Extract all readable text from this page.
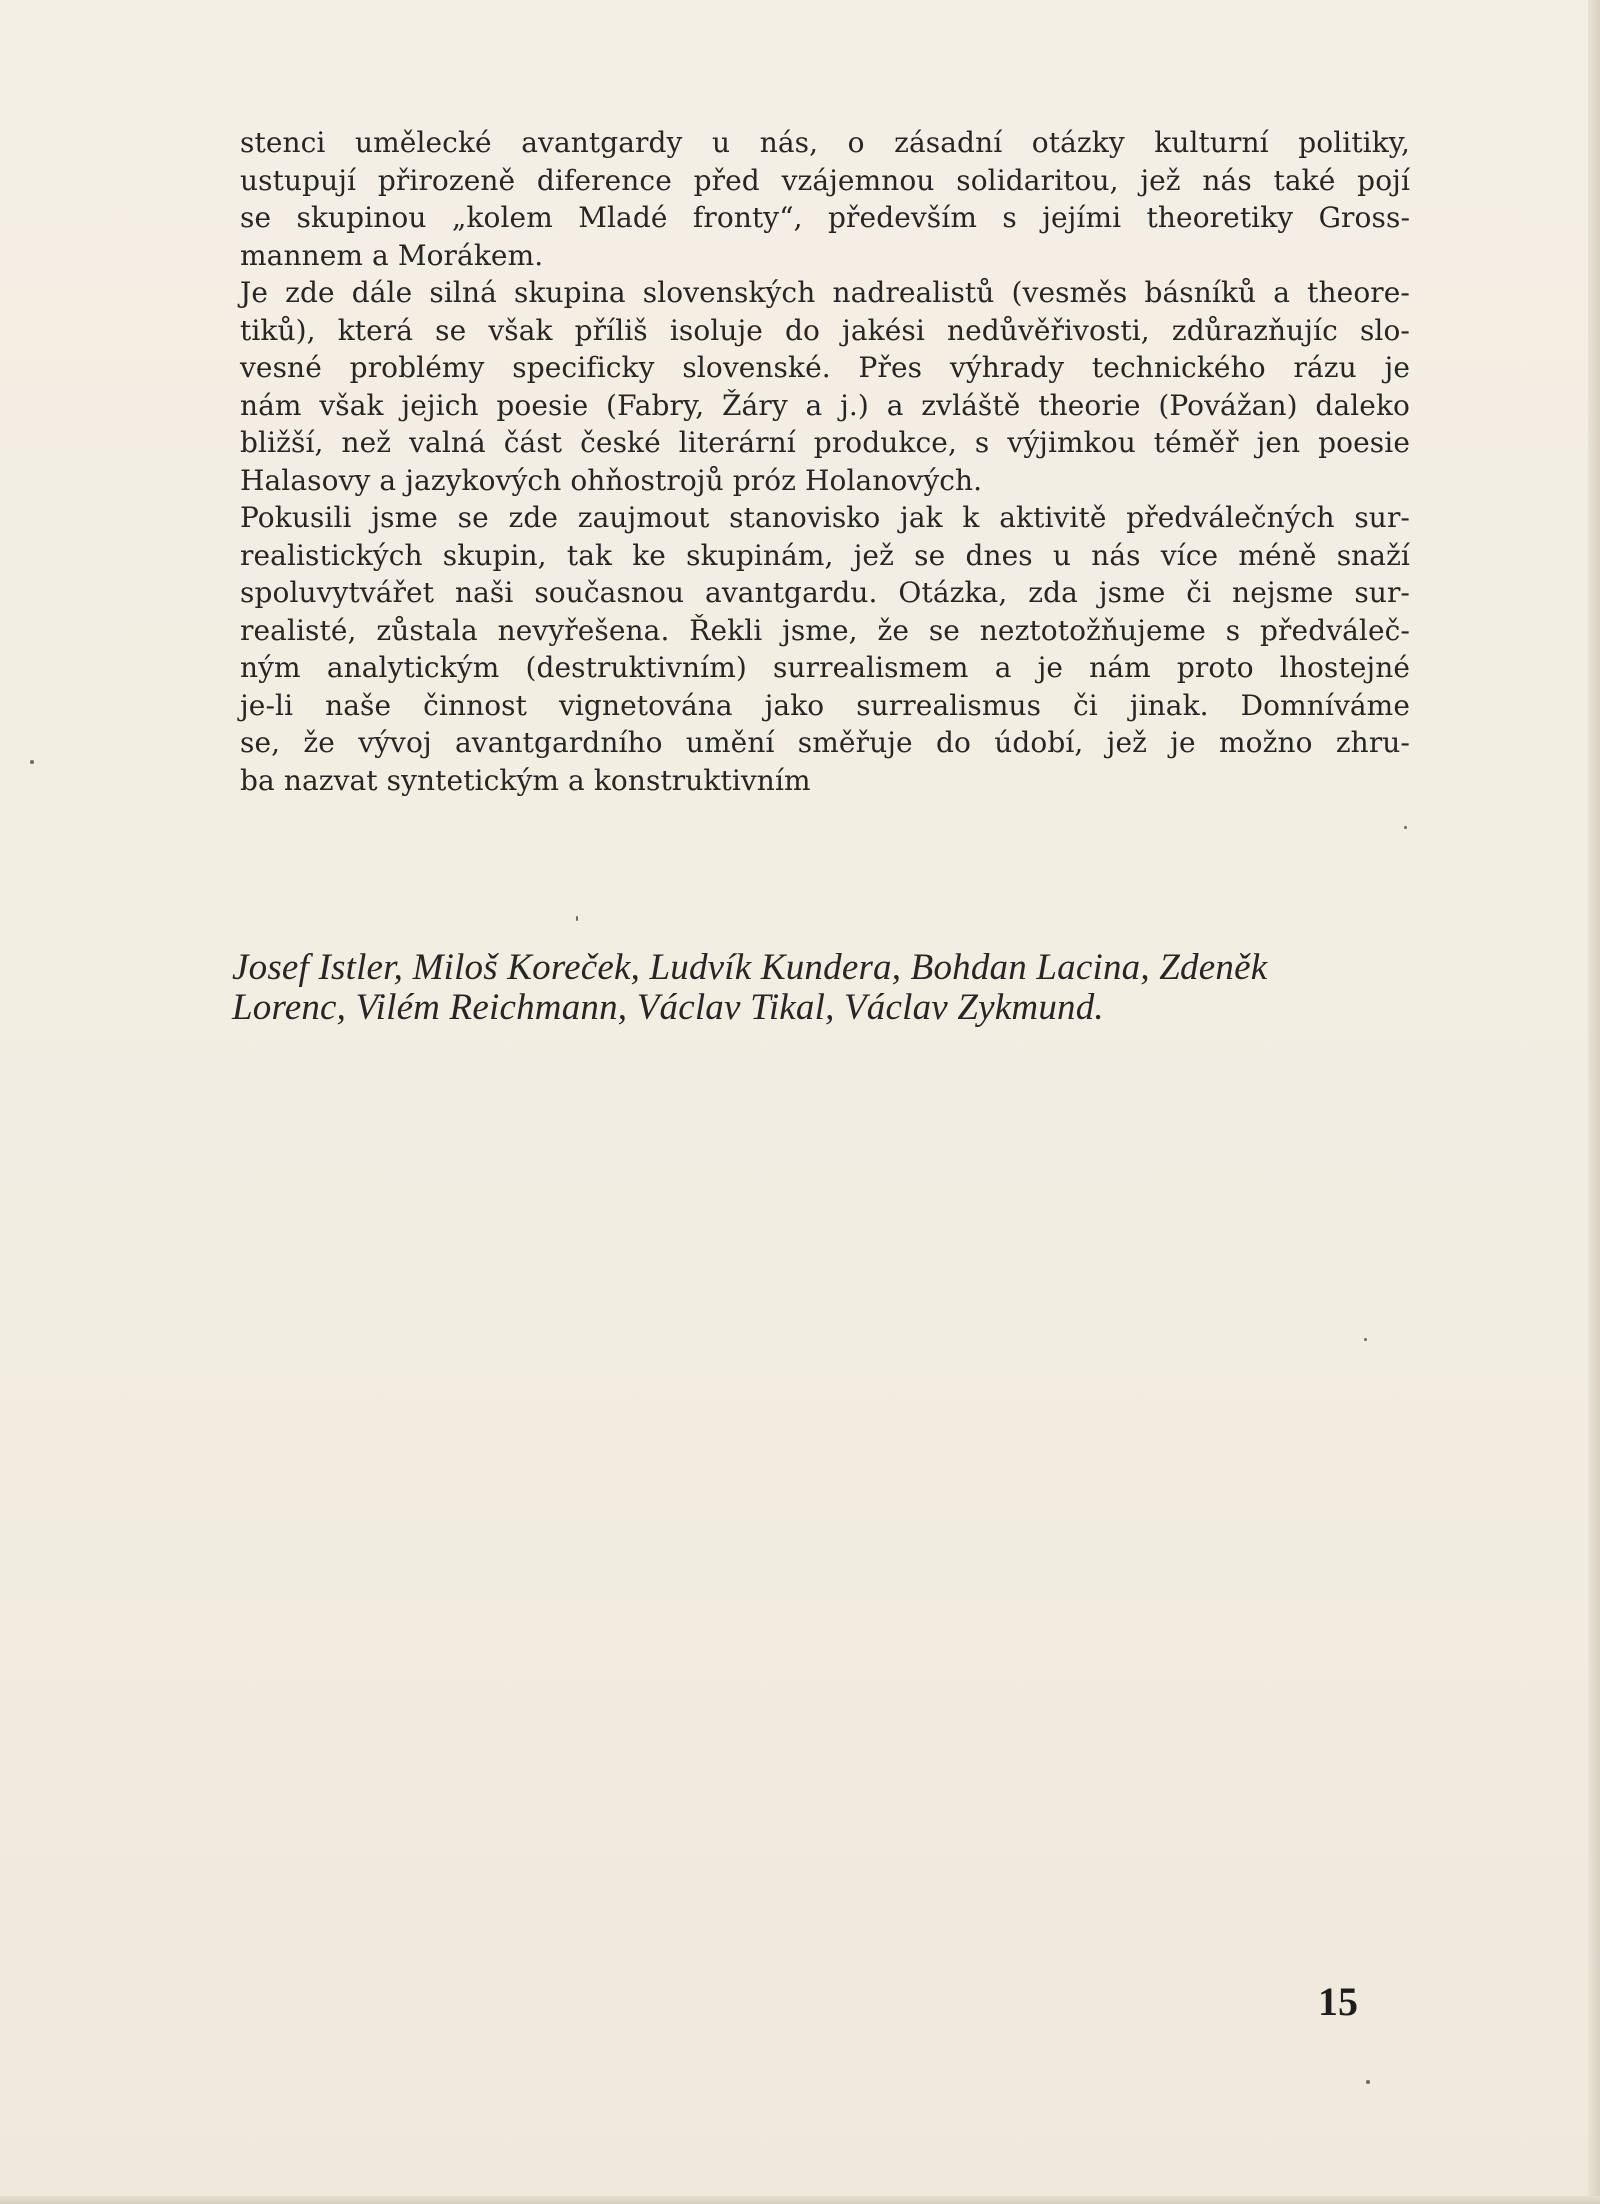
stenci umělecké avantgardy u nás, o zásadní otázky kulturní politiky,
ustupují přirozeně diference před vzájemnou solidaritou, jež nás také pojí
se skupinou „kolem Mladé fronty“, především s jejími theoretiky Gross-
mannem a Morákem.
Je zde dále silná skupina slovenských nadrealistů (vesměs básníků a theore-
tiků), která se však příliš isoluje do jakési nedůvěřivosti, zdůrazňujíc slo-
vesné problémy specificky slovenské. Přes výhrady technického rázu je
nám však jejich poesie (Fabry, Žáry a j.) a zvláště theorie (Povážan) daleko
bližší, než valná část české literární produkce, s výjimkou téměř jen poesie
Halasovy a jazykových ohňostrojů próz Holanových.
Pokusili jsme se zde zaujmout stanovisko jak k aktivitě předválečných sur-
realistických skupin, tak ke skupinám, jež se dnes u nás více méně snaží
spoluvytvářet naši současnou avantgardu. Otázka, zda jsme či nejsme sur-
realisté, zůstala nevyřešena. Řekli jsme, že se neztotožňujeme s předváleč-
ným analytickým (destruktivním) surrealismem a je nám proto lhostejné
je-li naše činnost vignetována jako surrealismus či jinak. Domníváme
se, že vývoj avantgardního umění směřuje do údobí, jež je možno zhru-
ba nazvat syntetickým a konstruktivním
Josef Istler, Miloš Koreček, Ludvík Kundera, Bohdan Lacina, Zdeněk
Lorenc, Vilém Reichmann, Václav Tikal, Václav Zykmund.
15
